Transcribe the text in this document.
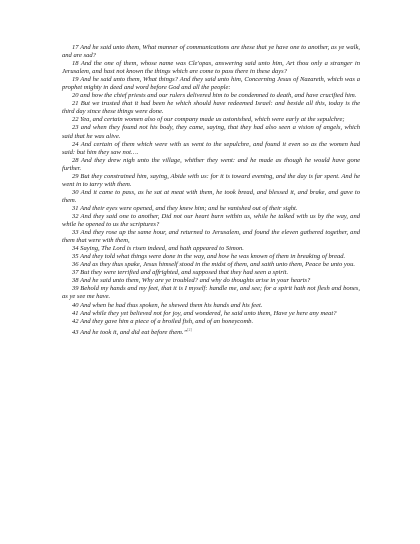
17 And he said unto them, What manner of communications are these that ye have one to another, as ye walk, and are sad?

18 And the one of them, whose name was Cle'opas, answering said unto him, Art thou only a stranger in Jerusalem, and hast not known the things which are come to pass there in these days?

19 And he said unto them, What things? And they said unto him, Concerning Jesus of Nazareth, which was a prophet mighty in deed and word before God and all the people:

20 and how the chief priests and our rulers delivered him to be condemned to death, and have crucified him.

21 But we trusted that it had been he which should have redeemed Israel: and beside all this, today is the third day since these things were done.

22 Yea, and certain women also of our company made us astonished, which were early at the sepulchre;

23 and when they found not his body, they came, saying, that they had also seen a vision of angels, which said that he was alive.

24 And certain of them which were with us went to the sepulchre, and found it even so as the women had said: but him they saw not….

28 And they drew nigh unto the village, whither they went: and he made as though he would have gone further.

29 But they constrained him, saying, Abide with us: for it is toward evening, and the day is far spent. And he went in to tarry with them.

30 And it came to pass, as he sat at meat with them, he took bread, and blessed it, and brake, and gave to them.

31 And their eyes were opened, and they knew him; and he vanished out of their sight.

32 And they said one to another, Did not our heart burn within us, while he talked with us by the way, and while he opened to us the scriptures?

33 And they rose up the same hour, and returned to Jerusalem, and found the eleven gathered together, and them that were with them,

34 Saying, The Lord is risen indeed, and hath appeared to Simon.

35 And they told what things were done in the way, and how he was known of them in breaking of bread.

36 And as they thus spake, Jesus himself stood in the midst of them, and saith unto them, Peace be unto you.

37 But they were terrified and affrighted, and supposed that they had seen a spirit.

38 And he said unto them, Why are ye troubled? and why do thoughts arise in your hearts?

39 Behold my hands and my feet, that it is I myself: handle me, and see; for a spirit hath not flesh and bones, as ye see me have.

40 And when he had thus spoken, he shewed them his hands and his feet.

41 And while they yet believed not for joy, and wondered, he said unto them, Have ye here any meat?

42 And they gave him a piece of a broiled fish, and of an honeycomb.

43 And he took it, and did eat before them.”[2]
